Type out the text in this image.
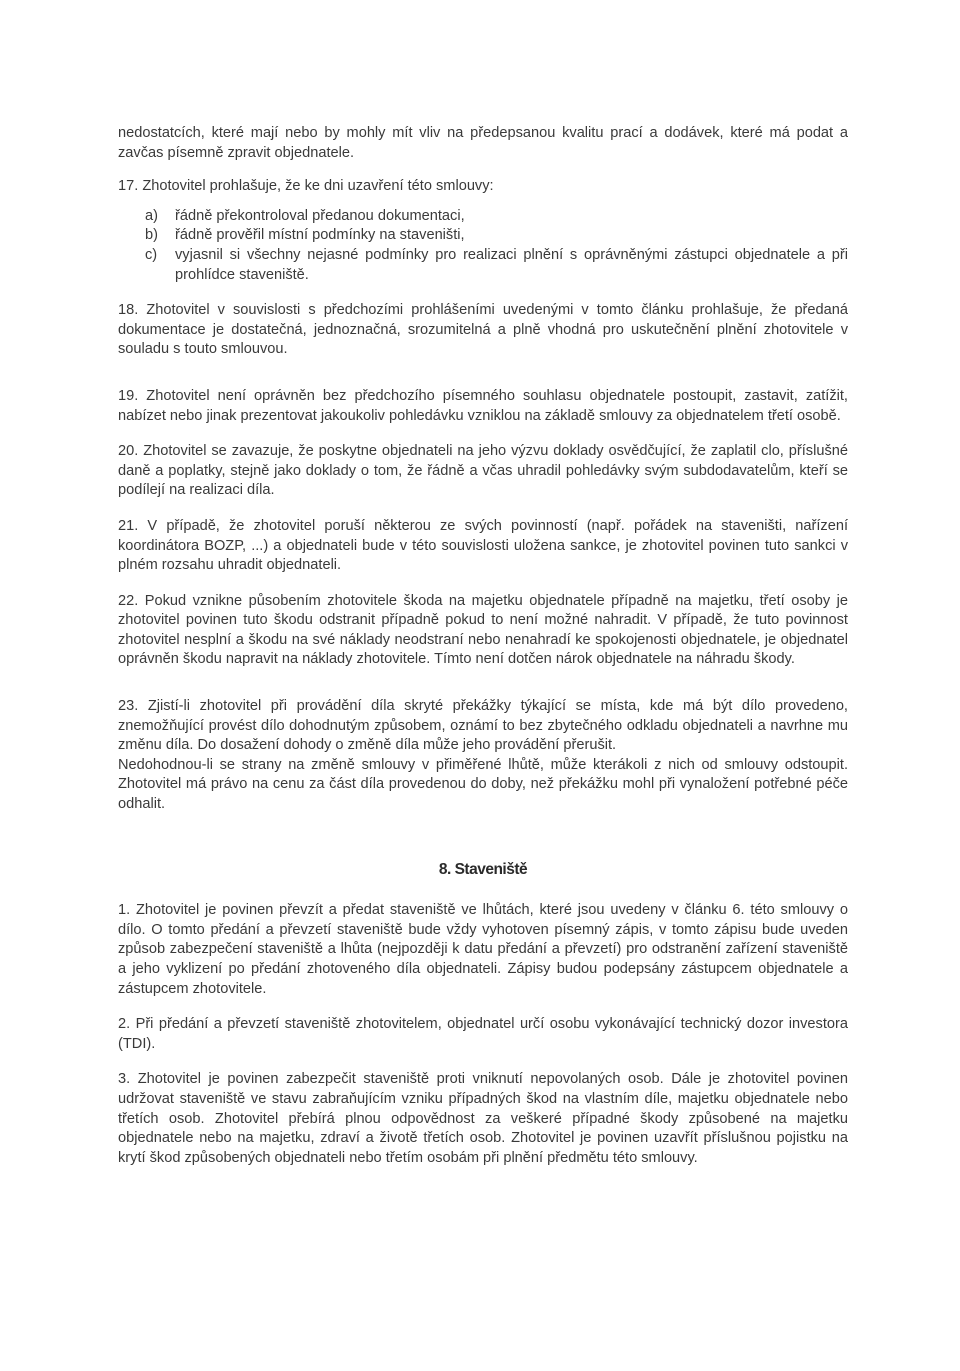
nedostatcích, které mají nebo by mohly mít vliv na předepsanou kvalitu prací a dodávek, které má podat a zavčas písemně zpravit objednatele.

17. Zhotovitel prohlašuje, že ke dni uzavření této smlouvy:

a)	řádně překontroloval předanou dokumentaci,
b)	řádně prověřil místní podmínky na staveništi,
c)	vyjasnil si všechny nejasné podmínky pro realizaci plnění s oprávněnými zástupci objednatele a při prohlídce staveniště.

18. Zhotovitel v souvislosti s předchozími prohlášeními uvedenými v tomto článku prohlašuje, že předaná dokumentace je dostatečná, jednoznačná, srozumitelná a plně vhodná pro uskutečnění plnění zhotovitele v souladu s touto smlouvou.

19. Zhotovitel není oprávněn bez předchozího písemného souhlasu objednatele postoupit, zastavit, zatížit, nabízet nebo jinak prezentovat jakoukoliv pohledávku vzniklou na základě smlouvy za objednatelem třetí osobě.

20. Zhotovitel se zavazuje, že poskytne objednateli na jeho výzvu doklady osvědčující, že zaplatil clo, příslušné daně a poplatky, stejně jako doklady o tom, že řádně a včas uhradil pohledávky svým subdodavatelům, kteří se podílejí na realizaci díla.

21. V případě, že zhotovitel poruší některou ze svých povinností (např. pořádek na staveništi, nařízení koordinátora BOZP, ...) a objednateli bude v této souvislosti uložena sankce, je zhotovitel povinen tuto sankci v plném rozsahu uhradit objednateli.

22. Pokud vznikne působením zhotovitele škoda na majetku objednatele případně na majetku, třetí osoby je zhotovitel povinen tuto škodu odstranit případně pokud to není možné nahradit. V případě, že tuto povinnost zhotovitel nesplní a škodu na své náklady neodstraní nebo nenahradí ke spokojenosti objednatele, je objednatel oprávněn škodu napravit na náklady zhotovitele. Tímto není dotčen nárok objednatele na náhradu škody.

23. Zjistí-li zhotovitel při provádění díla skryté překážky týkající se místa, kde má být dílo provedeno, znemožňující provést dílo dohodnutým způsobem, oznámí to bez zbytečného odkladu objednateli a navrhne mu změnu díla. Do dosažení dohody o změně díla může jeho provádění přerušit.

Nedohodnou-li se strany na změně smlouvy v přiměřené lhůtě, může kterákoli z nich od smlouvy odstoupit. Zhotovitel má právo na cenu za část díla provedenou do doby, než překážku mohl při vynaložení potřebné péče odhalit.

8. Staveniště

1. Zhotovitel je povinen převzít a předat staveniště ve lhůtách, které jsou uvedeny v článku 6. této smlouvy o dílo. O tomto předání a převzetí staveniště bude vždy vyhotoven písemný zápis, v tomto zápisu bude uveden způsob zabezpečení staveniště a lhůta (nejpozději k datu předání a převzetí) pro odstranění zařízení staveniště a jeho vyklizení po předání zhotoveného díla objednateli. Zápisy budou podepsány zástupcem objednatele a zástupcem zhotovitele.

2. Při předání a převzetí staveniště zhotovitelem, objednatel určí osobu vykonávající technický dozor investora (TDI).

3. Zhotovitel je povinen zabezpečit staveniště proti vniknutí nepovolaných osob. Dále je zhotovitel povinen udržovat staveniště ve stavu zabraňujícím vzniku případných škod na vlastním díle, majetku objednatele nebo třetích osob. Zhotovitel přebírá plnou odpovědnost za veškeré případné škody způsobené na majetku objednatele nebo na majetku, zdraví a životě třetích osob. Zhotovitel je povinen uzavřít příslušnou pojistku na krytí škod způsobených objednateli nebo třetím osobám při plnění předmětu této smlouvy.
